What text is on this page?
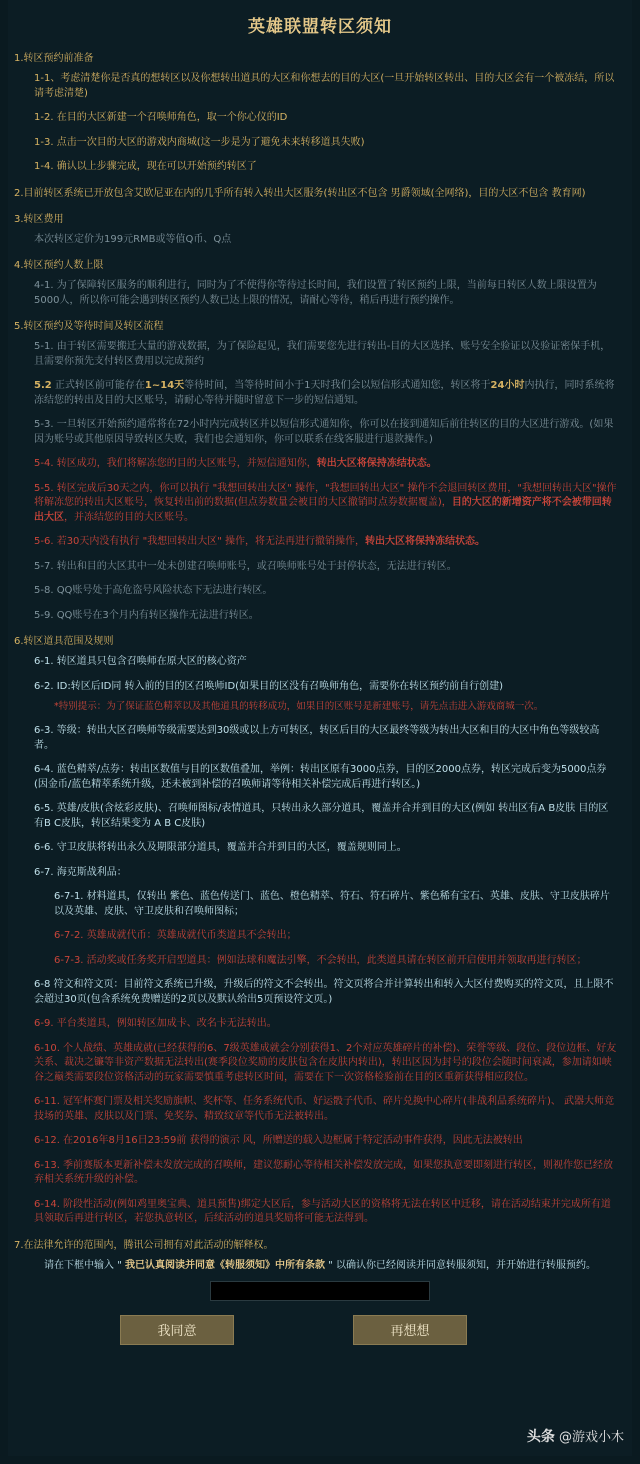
英雄联盟转区须知
1.转区预约前准备
1-1、考虑清楚你是否真的想转区以及你想转出道具的大区和你想去的目的大区(一旦开始转区转出、目的大区会有一个被冻结，所以请考虑清楚)
1-2. 在目的大区新建一个召唤师角色，取一个你心仪的ID
1-3. 点击一次目的大区的游戏内商城(这一步是为了避免未来转移道具失败)
1-4. 确认以上步骤完成，现在可以开始预约转区了
2.目前转区系统已开放包含艾欧尼亚在内的几乎所有转入转出大区服务(转出区不包含 男爵领域(全网络)，目的大区不包含 教育网)
3.转区费用
本次转区定价为199元RMB或等值Q币、Q点
4.转区预约人数上限
4-1. 为了保障转区服务的顺利进行，同时为了不使得你等待过长时间，我们设置了转区预约上限，当前每日转区人数上限设置为5000人，所以你可能会遇到转区预约人数已达上限的情况，请耐心等待，稍后再进行预约操作。
5.转区预约及等待时间及转区流程
5-1. 由于转区需要搬迁大量的游戏数据，为了保险起见，我们需要您先进行转出-目的大区选择、账号安全验证以及验证密保手机，且需要你预先支付转区费用以完成预约
5.2 正式转区前可能存在1~14天等待时间，当等待时间小于1天时我们会以短信形式通知您，转区将于24小时内执行，同时系统将冻结您的转出及目的大区账号，请耐心等待并随时留意下一步的短信通知。
5-3. 一旦转区开始预约通常将在72小时内完成转区并以短信形式通知你，你可以在接到通知后前往转区的目的大区进行游戏。(如果因为账号或其他原因导致转区失败，我们也会通知你，你可以联系在线客服进行退款操作。)
5-4. 转区成功，我们将解冻您的目的大区账号，并短信通知你，转出大区将保持冻结状态。
5-5. 转区完成后30天之内，你可以执行 "我想回转出大区" 操作，"我想回转出大区" 操作不会退回转区费用，"我想回转出大区"操作将解冻您的转出大区账号，恢复转出前的数据(但点券数量会被目的大区撤销时点券数据覆盖)，目的大区的新增资产将不会被带回转出大区，并冻结您的目的大区账号。
5-6. 若30天内没有执行 "我想回转出大区" 操作，将无法再进行撤销操作，转出大区将保持冻结状态。
5-7. 转出和目的大区其中一处未创建召唤师账号，或召唤师账号处于封停状态，无法进行转区。
5-8. QQ账号处于高危盗号风险状态下无法进行转区。
5-9. QQ账号在3个月内有转区操作无法进行转区。
6.转区道具范围及规则
6-1. 转区道具只包含召唤师在原大区的核心资产
6-2. ID:转区后ID同 转入前的目的区召唤师ID(如果目的区没有召唤师角色，需要你在转区预约前自行创建)
*特别提示：为了保证蓝色精萃以及其他道具的转移成功，如果目的区账号是新建账号，请先点击进入游戏商城一次。
6-3. 等级：转出大区召唤师等级需要达到30级或以上方可转区，转区后目的大区最终等级为转出大区和目的大区中角色等级较高者。
6-4. 蓝色精萃/点券：转出区数值与目的区数值叠加，举例：转出区原有3000点券，目的区2000点券，转区完成后变为5000点券(因金币/蓝色精萃系统升级，还未被到补偿的召唤师请等待相关补偿完成后再进行转区。)
6-5. 英雄/皮肤(含炫彩皮肤)、召唤师图标/表情道具，只转出永久部分道具，覆盖并合并到目的大区(例如 转出区有A B皮肤 目的区有B C皮肤，转区结果变为 A B C皮肤)
6-6. 守卫皮肤将转出永久及期限部分道具，覆盖并合并到目的大区，覆盖规则同上。
6-7. 海克斯战利品：
6-7-1. 材料道具，仅转出 紫色、蓝色传送门、蓝色、橙色精萃、符石、符石碎片、紫色稀有宝石、英雄、皮肤、守卫皮肤碎片以及英雄、皮肤、守卫皮肤和召唤师图标；
6-7-2. 英雄成就代币：英雄成就代币类道具不会转出；
6-7-3. 活动奖或任务奖开启型道具：例如法球和魔法引擎，不会转出，此类道具请在转区前开启使用并领取再进行转区；
6-8 符文和符文页：目前符文系统已升级，升级后的符文不会转出。符文页将合并计算转出和转入大区付费购买的符文页，且上限不会超过30页(包含系统免费赠送的2页以及默认给出5页预设符文页。)
6-9. 平台类道具，例如转区加成卡、改名卡无法转出。
6-10. 个人战绩、英雄成就(已经获得的6、7级英雄成就会分别获得1、2个对应英雄碎片的补偿)、荣誉等级、段位、段位边框、好友关系、裁决之镰等非资产数据无法转出(赛季段位奖励的皮肤包含在皮肤内转出)，转出区因为封号的段位会随时间衰减，参加请如峡谷之巅类需要段位资格活动的玩家需要慎重考虑转区时间，需要在下一次资格检验前在目的区重新获得相应段位。
6-11. 冠军杯赛门票及相关奖励旗帜、奖杯等、任务系统代币、好运骰子代币、碎片兑换中心碎片(非战利品系统碎片)、 武器大师竞技场的英雄、皮肤以及门票、免奖券、精致纹章等代币无法被转出。
6-12. 在2016年8月16日23:59前 获得的演示 风，所赠送的载入边框属于特定活动事件获得，因此无法被转出
6-13. 季前赛版本更新补偿未发放完成的召唤师，建议您耐心等待相关补偿发放完成，如果您执意要即刻进行转区，则视作您已经放弃相关系统升级的补偿。
6-14. 阶段性活动(例如鸡里奥宝典、道具预售)绑定大区后，参与活动大区的资格将无法在转区中迁移，请在活动结束并完成所有道具领取后再进行转区，若您执意转区，后续活动的道具奖励将可能无法得到。
7.在法律允许的范围内，腾讯公司拥有对此活动的解释权。
请在下框中输入 " 我已认真阅读并同意《转服须知》中所有条款 " 以确认你已经阅读并同意转服须知，并开始进行转服预约。
我同意	再想想
头条 @游戏小木
